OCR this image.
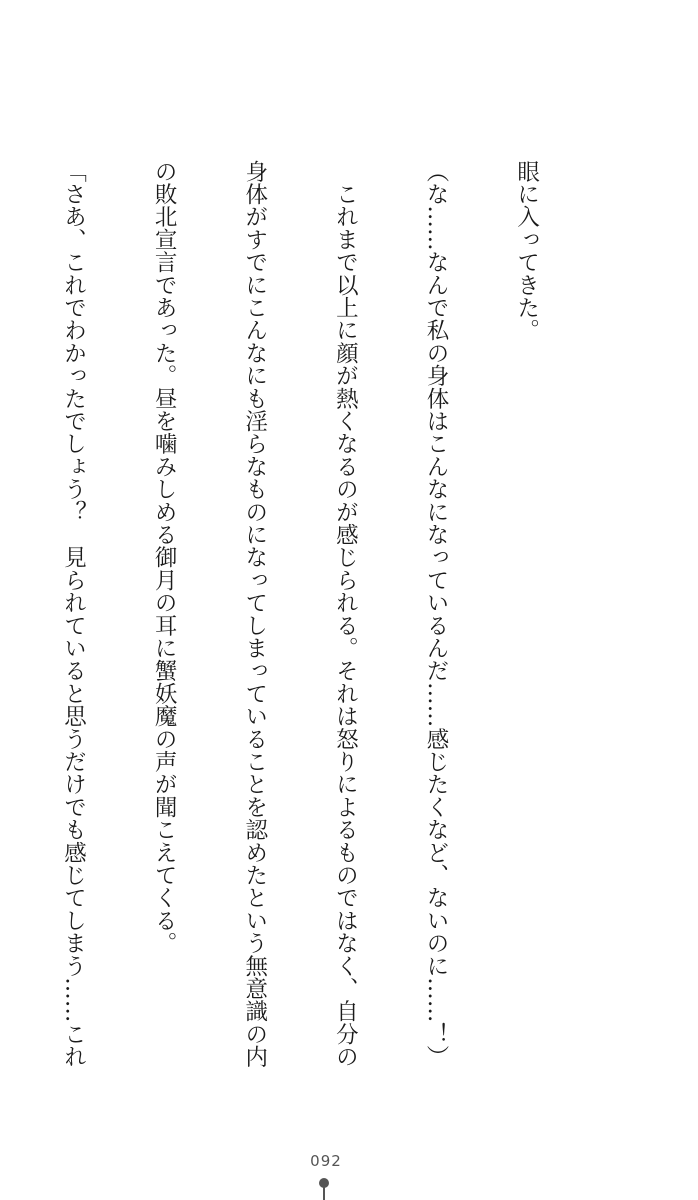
眼に入ってきた。

（な……なんで私の身体はこんなになっているんだ……感じたくなど、ないのに……！）

　これまで以上に顔が熱くなるのが感じられる。それは怒りによるものではなく、自分の

身体がすでにこんなにも淫らなものになってしまっていることを認めたという無意識の内

の敗北宣言であった。昼を噛みしめる御月の耳に蟹妖魔の声が聞こえてくる。

「さあ、これでわかったでしょう？　見られていると思うだけでも感じてしまう……これ

092
